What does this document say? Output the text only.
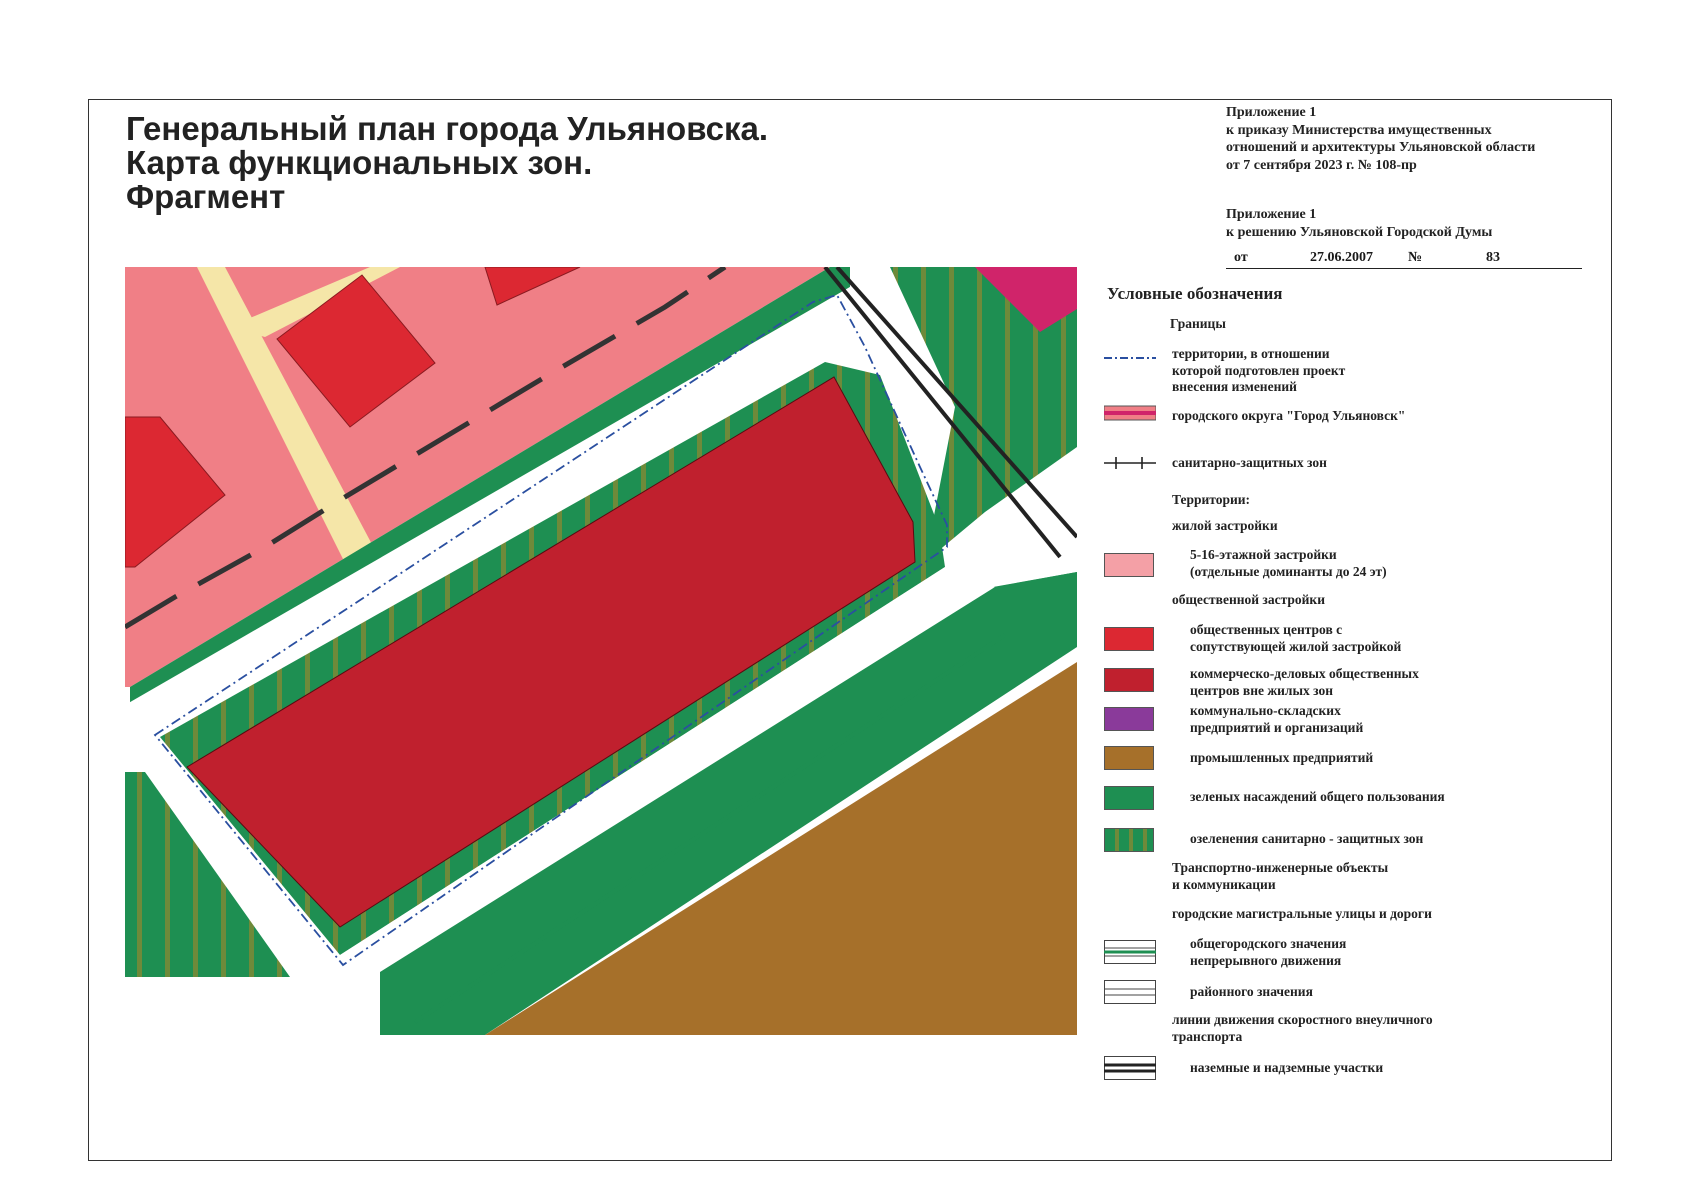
Генеральный план города Ульяновска.
Карта функциональных зон.
Фрагмент
Приложение 1
к приказу Министерства имущественных
отношений и архитектуры Ульяновской области
от 7 сентября 2023 г. № 108-пр
Приложение 1
к решению Ульяновской Городской Думы
от	27.06.2007	№	83
Условные обозначения
Границы
территории, в отношении
которой подготовлен проект
внесения изменений
городского округа "Город Ульяновск"
санитарно-защитных зон
Территории:
жилой застройки
5-16-этажной застройки
(отдельные доминанты до 24 эт)
общественной застройки
общественных центров с
сопутствующей жилой застройкой
коммерческо-деловых общественных
центров вне жилых зон
коммунально-складских
предприятий и организаций
промышленных предприятий
зеленых насаждений общего пользования
озеленения санитарно - защитных зон
Транспортно-инженерные объекты
и коммуникации
городские магистральные улицы и дороги
общегородского значения
непрерывного движения
районного значения
линии движения скоростного внеуличного
транспорта
наземные и надземные участки
